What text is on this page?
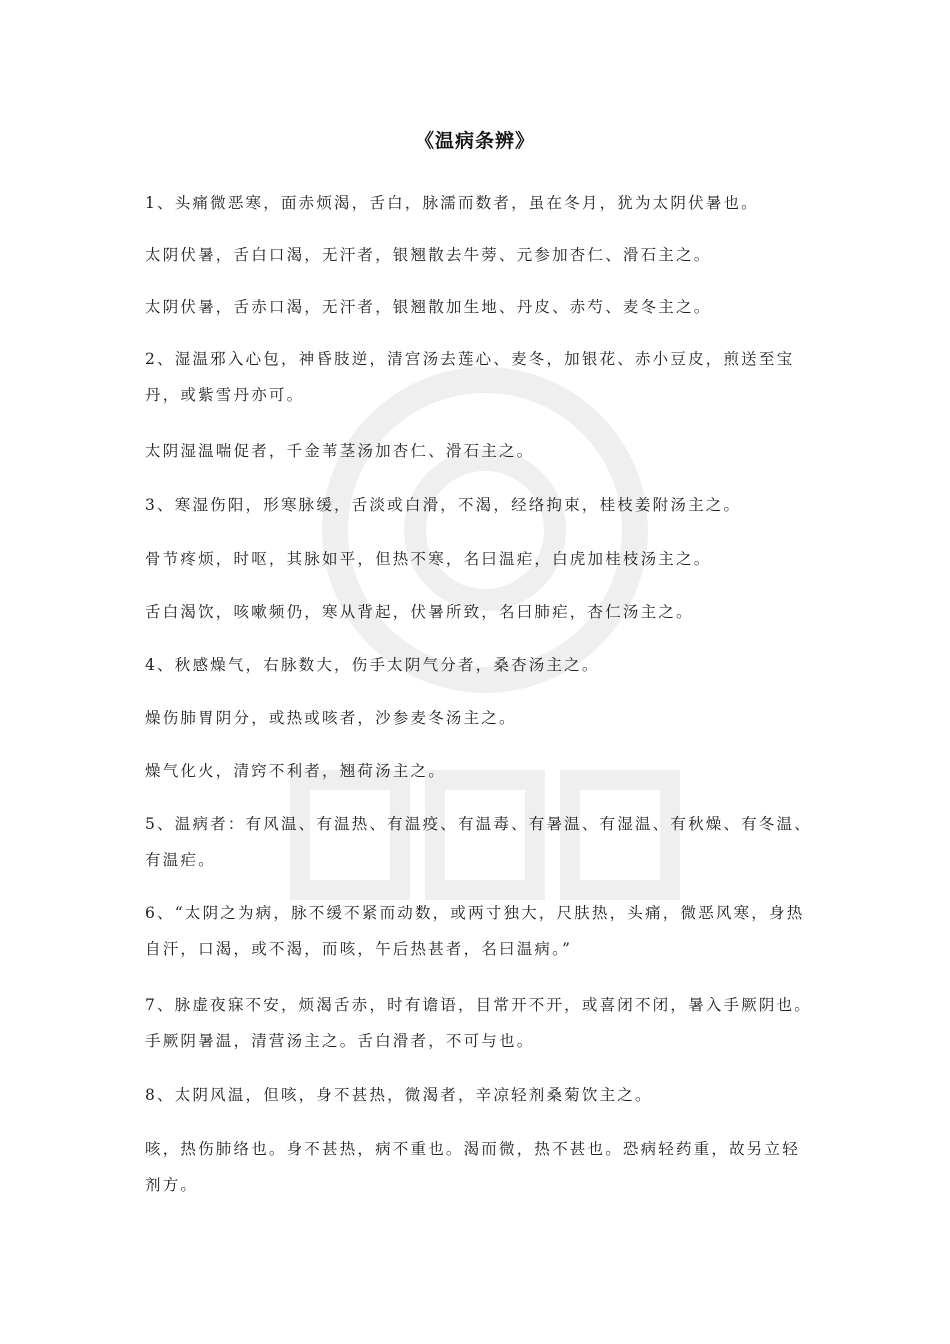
《温病条辨》
1、头痛微恶寒，面赤烦渴，舌白，脉濡而数者，虽在冬月，犹为太阴伏暑也。
太阴伏暑，舌白口渴，无汗者，银翘散去牛蒡、元参加杏仁、滑石主之。
太阴伏暑，舌赤口渴，无汗者，银翘散加生地、丹皮、赤芍、麦冬主之。
2、湿温邪入心包，神昏肢逆，清宫汤去莲心、麦冬，加银花、赤小豆皮，煎送至宝丹，或紫雪丹亦可。
太阴湿温喘促者，千金苇茎汤加杏仁、滑石主之。
3、寒湿伤阳，形寒脉缓，舌淡或白滑，不渴，经络拘束，桂枝姜附汤主之。
骨节疼烦，时呕，其脉如平，但热不寒，名曰温疟，白虎加桂枝汤主之。
舌白渴饮，咳嗽频仍，寒从背起，伏暑所致，名曰肺疟，杏仁汤主之。
4、秋感燥气，右脉数大，伤手太阴气分者，桑杏汤主之。
燥伤肺胃阴分，或热或咳者，沙参麦冬汤主之。
燥气化火，清窍不利者，翘荷汤主之。
5、温病者：有风温、有温热、有温疫、有温毒、有暑温、有湿温、有秋燥、有冬温、有温疟。
6、“太阴之为病，脉不缓不紧而动数，或两寸独大，尺肤热，头痛，微恶风寒，身热自汗，口渴，或不渴，而咳，午后热甚者，名曰温病。”
7、脉虚夜寐不安，烦渴舌赤，时有谵语，目常开不开，或喜闭不闭，暑入手厥阴也。手厥阴暑温，清营汤主之。舌白滑者，不可与也。
8、太阴风温，但咳，身不甚热，微渴者，辛凉轻剂桑菊饮主之。
咳，热伤肺络也。身不甚热，病不重也。渴而微，热不甚也。恐病轻药重，故另立轻剂方。
